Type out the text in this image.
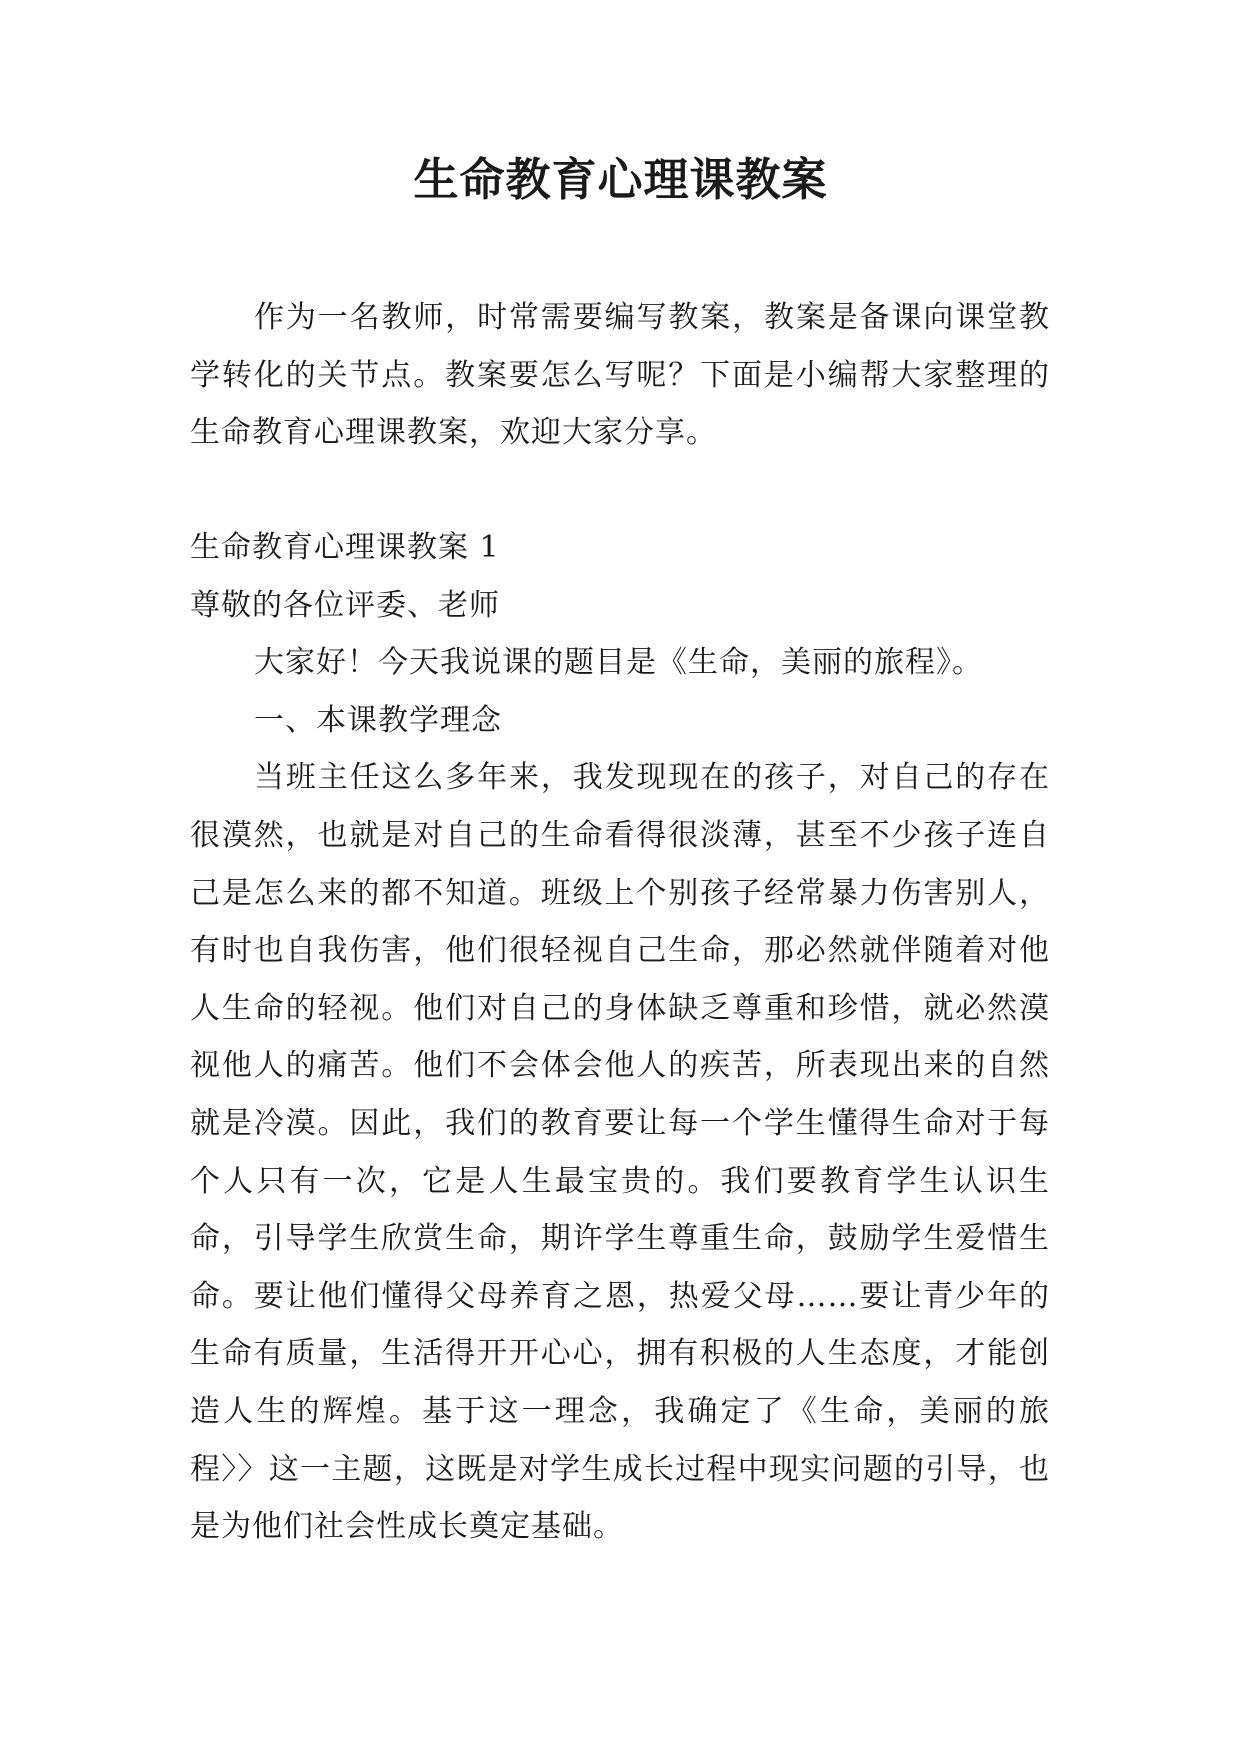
生命教育心理课教案

作为一名教师，时常需要编写教案，教案是备课向课堂教学转化的关节点。教案要怎么写呢？下面是小编帮大家整理的生命教育心理课教案，欢迎大家分享。

生命教育心理课教案 1

尊敬的各位评委、老师

大家好！今天我说课的题目是《生命，美丽的旅程》。

一、本课教学理念

当班主任这么多年来，我发现现在的孩子，对自己的存在很漠然，也就是对自己的生命看得很淡薄，甚至不少孩子连自己是怎么来的都不知道。班级上个别孩子经常暴力伤害别人，有时也自我伤害，他们很轻视自己生命，那必然就伴随着对他人生命的轻视。他们对自己的身体缺乏尊重和珍惜，就必然漠视他人的痛苦。他们不会体会他人的疾苦，所表现出来的自然就是冷漠。因此，我们的教育要让每一个学生懂得生命对于每个人只有一次，它是人生最宝贵的。我们要教育学生认识生命，引导学生欣赏生命，期许学生尊重生命，鼓励学生爱惜生命。要让他们懂得父母养育之恩，热爱父母……要让青少年的生命有质量，生活得开开心心，拥有积极的人生态度，才能创造人生的辉煌。基于这一理念，我确定了《生命，美丽的旅程〉〉这一主题，这既是对学生成长过程中现实问题的引导，也是为他们社会性成长奠定基础。
